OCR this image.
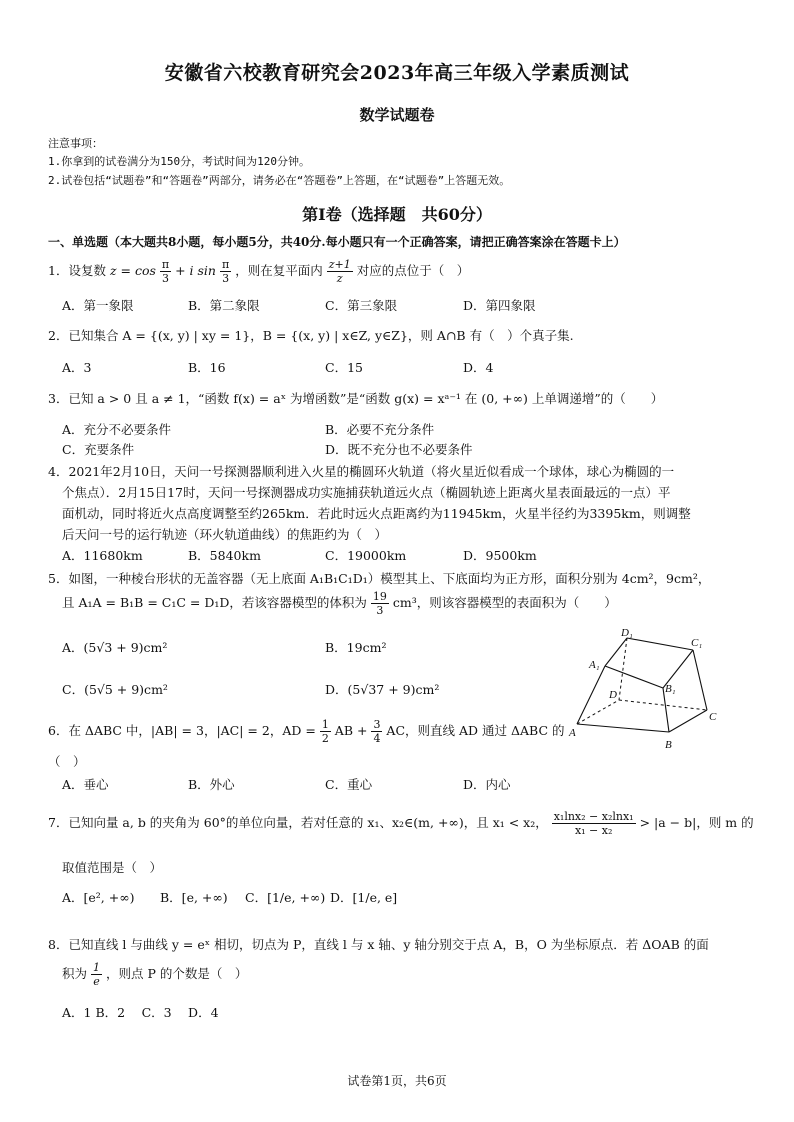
安徽省六校教育研究会2023年高三年级入学素质测试
数学试题卷
注意事项：
1.你拿到的试卷满分为150分，考试时间为120分钟。
2.试卷包括“试题卷”和“答题卷”两部分，请务必在“答题卷”上答题，在“试题卷”上答题无效。
第Ⅰ卷（选择题　共60分）
一、单选题（本大题共8小题，每小题5分，共40分.每小题只有一个正确答案，请把正确答案涂在答题卡上）
1．设复数 $z = \cos \frac{\pi}{3} + i$ $\sin \frac{\pi}{3}$ ，则在复平面内 $\frac{z+1}{z}$ 对应的点位于（　）
A．第一象限	B．第二象限	C．第三象限	D．第四象限
2．已知集合 A = {(x, y) | xy = 1}，B = {(x, y) | x∈Z, y∈Z}，则 A∩B 有（　）个真子集.
A．3	B．16	C．15	D．4
3．已知 a > 0 且 a ≠ 1，“函数 f(x) = aˣ 为增函数”是“函数 g(x) = xᵃ⁻¹ 在 (0, +∞) 上单调递增”的（　　）
A．充分不必要条件	B．必要不充分条件
C．充要条件	D．既不充分也不必要条件
4．2021年2月10日，天问一号探测器顺利进入火星的椭圆环火轨道（将火星近似看成一个球体，球心为椭圆的一
个焦点）．2月15日17时，天问一号探测器成功实施捕获轨道远火点（椭圆轨迹上距离火星表面最远的一点）平
面机动，同时将近火点高度调整至约265km．若此时远火点距离约为11945km，火星半径约为3395km，则调整
后天问一号的运行轨迹（环火轨道曲线）的焦距约为（　）
A．11680km	B．5840km	C．19000km	D．9500km
5．如图，一种棱台形状的无盖容器（无上底面 A₁B₁C₁D₁）模型其上、下底面均为正方形，面积分别为 4cm²，9cm²，
且 A₁A = B₁B = C₁C = D₁D，若该容器模型的体积为 $\frac{19}{3} cm^3$，则该容器模型的表面积为（　　）
A．(5√3 + 9)cm²	B．19cm²
C．(5√5 + 9)cm²	D．(5√37 + 9)cm²
D₁
C₁
A₁
B₁
D
C
A
B
6．在 ΔABC 中，|AB| = 3，|AC| = 2，AD = $\frac{1}{2}$ AB + $\frac{3}{4}$ AC，则直线 AD 通过 ΔABC 的
（　）
A．垂心	B．外心	C．重心	D．内心
7．已知向量 a, b 的夹角为 60°的单位向量，若对任意的 x₁、x₂∈(m, +∞)，且 x₁ < x₂， $\frac{\text{x₁lnx₂ − x₂lnx₁}}{\text{x₁ − x₂}} > |a - b|$，则 m 的
取值范围是（　）
A．[e², +∞) B．[e, +∞) C．[1/e, +∞) D．[1/e, e]
8．已知直线 l 与曲线 y = eˣ 相切，切点为 P，直线 l 与 x 轴、y 轴分别交于点 A，B，O 为坐标原点．若 ΔOAB 的面
积为 $\frac{1}{e}$ ，则点 P 的个数是（　）
A．1 B．2　 C．3　 D．4
试卷第1页，共6页
